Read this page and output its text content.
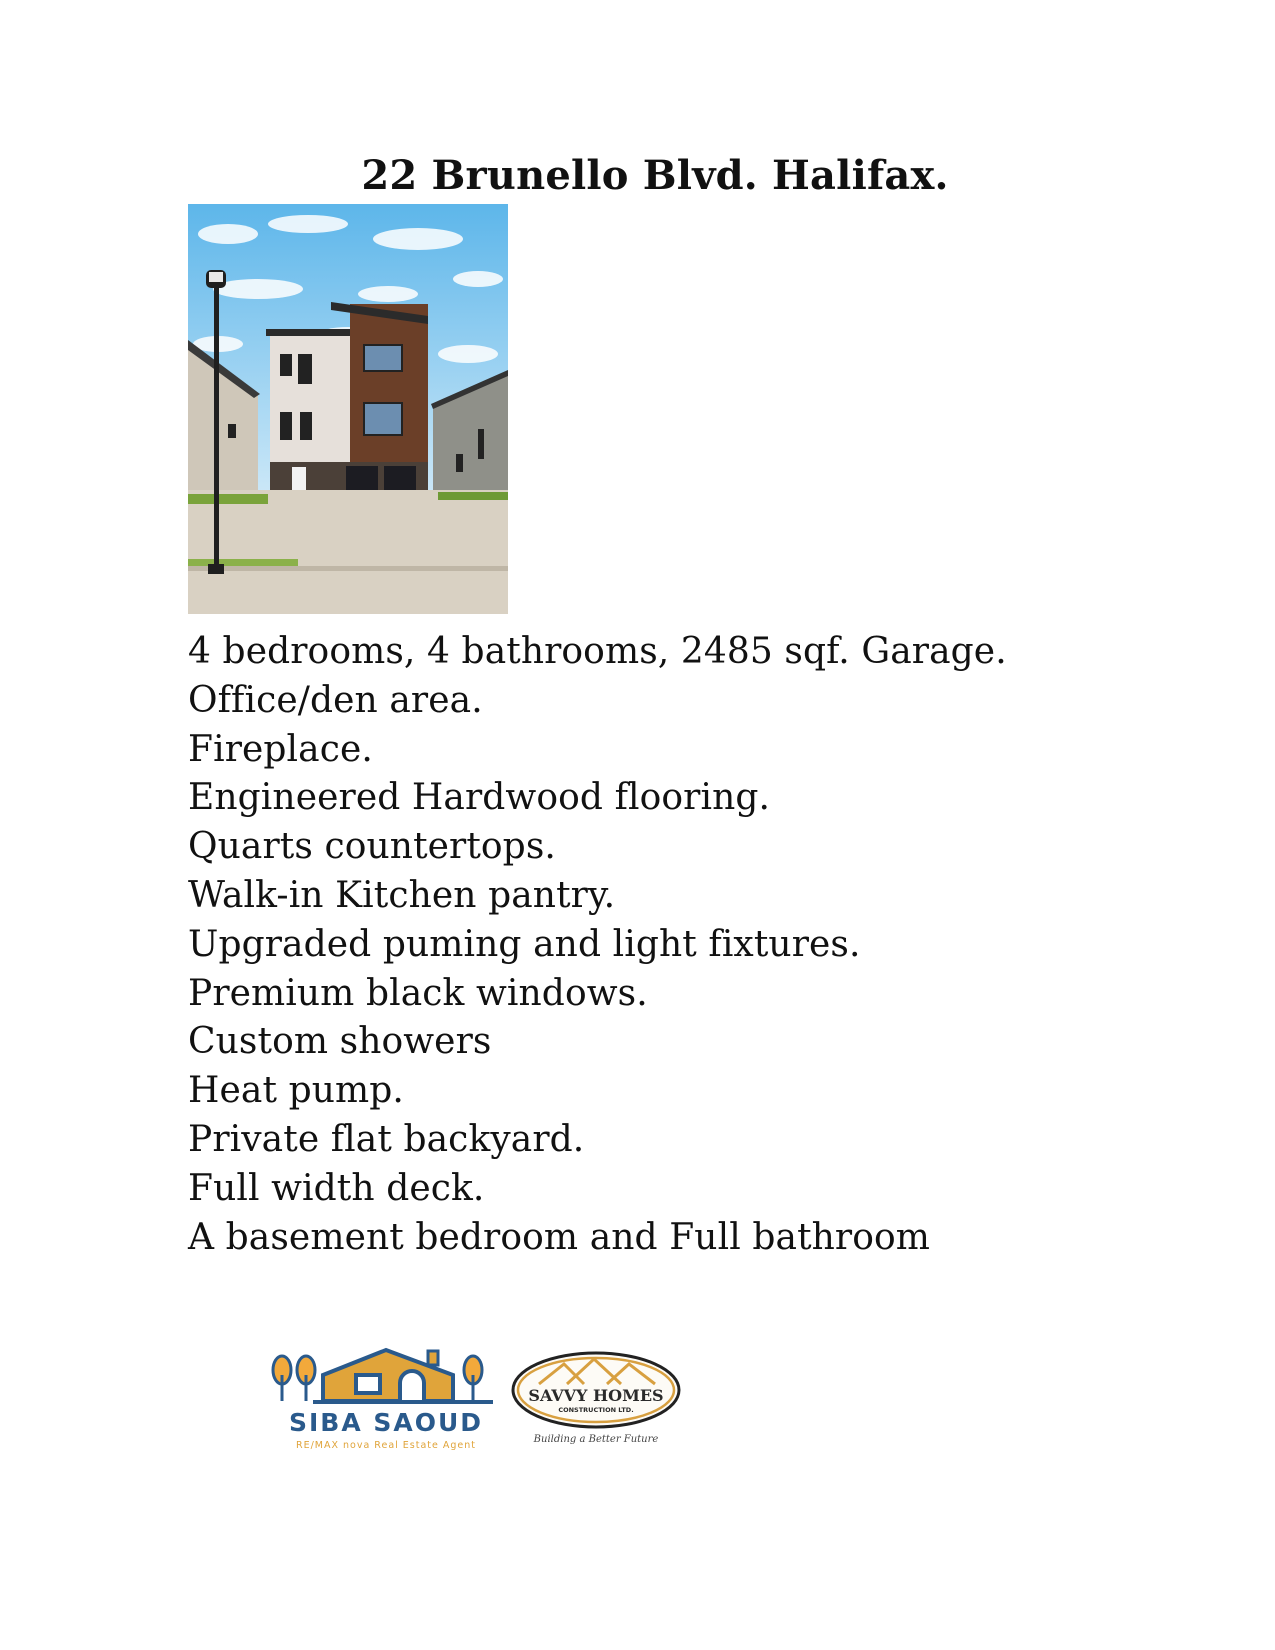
22 Brunello Blvd. Halifax.
4 bedrooms, 4 bathrooms, 2485 sqf. Garage.
Office/den area.
Fireplace.
Engineered Hardwood flooring.
Quarts countertops.
Walk-in Kitchen pantry.
Upgraded puming and light fixtures.
Premium black windows.
Custom showers
Heat pump.
Private flat backyard.
Full width deck.
A basement bedroom and Full bathroom
SIBA SAOUD
RE/MAX nova Real Estate Agent
SAVVY HOMES
CONSTRUCTION LTD.
Building a Better Future
